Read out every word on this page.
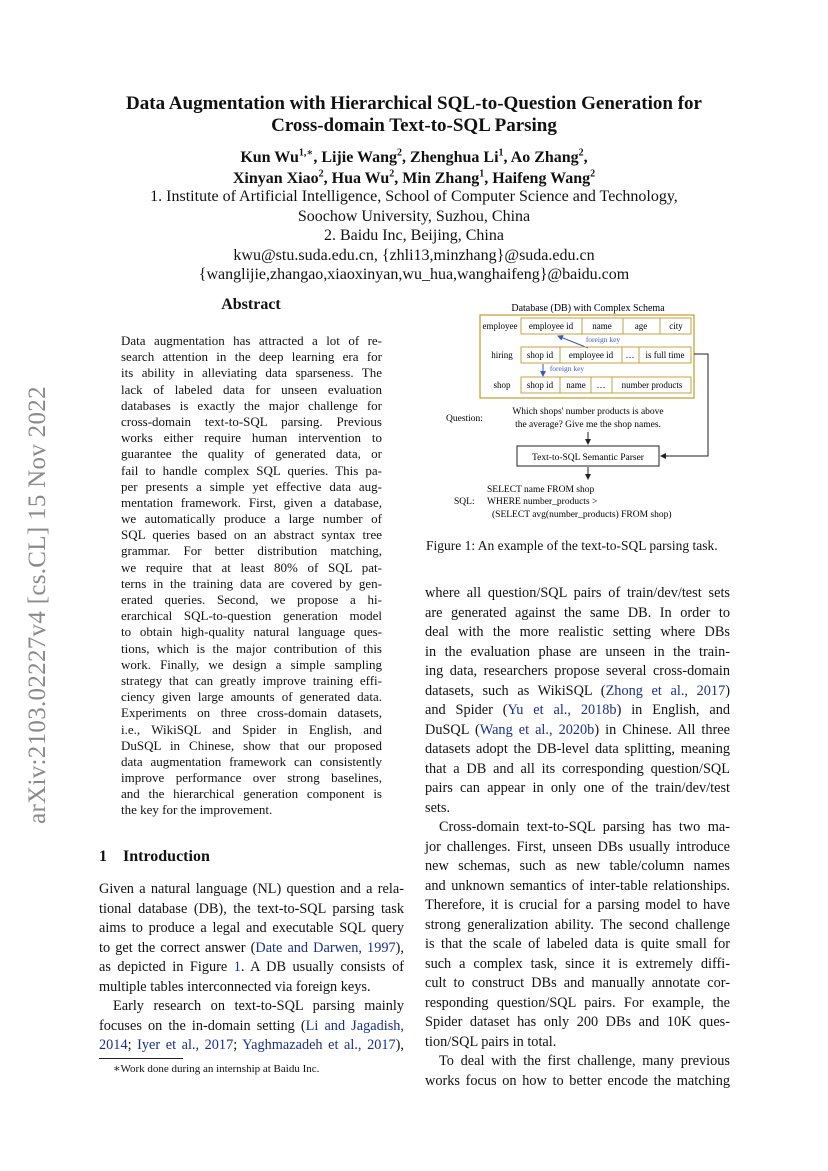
arXiv:2103.02227v4 [cs.CL] 15 Nov 2022
Data Augmentation with Hierarchical SQL-to-Question Generation for
Cross-domain Text-to-SQL Parsing
Kun $Wu^{1,∗}$, Lijie Wang$^2$, Zhenghua Li$^1$, Ao Zhang$^2$,
Xinyan Xiao$^2$, Hua Wu$^2$, Min Zhang$^1$, Haifeng Wang$^2$
1. Institute of Artificial Intelligence, School of Computer Science and Technology,
Soochow University, Suzhou, China
2. Baidu Inc, Beijing, China
kwu@stu.suda.edu.cn, {zhli13,minzhang}@suda.edu.cn
{wanglijie,zhangao,xiaoxinyan,wu_hua,wanghaifeng}@baidu.com
Abstract
Data augmentation has attracted a lot of re-
search attention in the deep learning era for
its ability in alleviating data sparseness. The
lack of labeled data for unseen evaluation
databases is exactly the major challenge for
cross-domain text-to-SQL parsing. Previous
works either require human intervention to
guarantee the quality of generated data, or
fail to handle complex SQL queries. This pa-
per presents a simple yet effective data aug-
mentation framework. First, given a database,
we automatically produce a large number of
SQL queries based on an abstract syntax tree
grammar. For better distribution matching,
we require that at least 80% of SQL pat-
terns in the training data are covered by gen-
erated queries. Second, we propose a hi-
erarchical SQL-to-question generation model
to obtain high-quality natural language ques-
tions, which is the major contribution of this
work. Finally, we design a simple sampling
strategy that can greatly improve training effi-
ciency given large amounts of generated data.
Experiments on three cross-domain datasets,
i.e., WikiSQL and Spider in English, and
DuSQL in Chinese, show that our proposed
data augmentation framework can consistently
improve performance over strong baselines,
and the hierarchical generation component is
the key for the improvement.
1 Introduction
Given a natural language (NL) question and a rela-
tional database (DB), the text-to-SQL parsing task
aims to produce a legal and executable SQL query
to get the correct answer (Date and Darwen, 1997),
as depicted in Figure 1. A DB usually consists of
multiple tables interconnected via foreign keys.
Early research on text-to-SQL parsing mainly
focuses on the in-domain setting (Li and Jagadish,
2014; Iyer et al., 2017; Yaghmazadeh et al., 2017),
∗Work done during an internship at Baidu Inc.
where all question/SQL pairs of train/dev/test sets
are generated against the same DB. In order to
deal with the more realistic setting where DBs
in the evaluation phase are unseen in the train-
ing data, researchers propose several cross-domain
datasets, such as WikiSQL (Zhong et al., 2017)
and Spider (Yu et al., 2018b) in English, and
DuSQL (Wang et al., 2020b) in Chinese. All three
datasets adopt the DB-level data splitting, meaning
that a DB and all its corresponding question/SQL
pairs can appear in only one of the train/dev/test
sets.
Cross-domain text-to-SQL parsing has two ma-
jor challenges. First, unseen DBs usually introduce
new schemas, such as new table/column names
and unknown semantics of inter-table relationships.
Therefore, it is crucial for a parsing model to have
strong generalization ability. The second challenge
is that the scale of labeled data is quite small for
such a complex task, since it is extremely diffi-
cult to construct DBs and manually annotate cor-
responding question/SQL pairs. For example, the
Spider dataset has only 200 DBs and 10K ques-
tion/SQL pairs in total.
To deal with the first challenge, many previous
works focus on how to better encode the matching
Database (DB) with Complex Schema
employee employee id name	age city
foreign key
hiring shop id employee id … is full time
foreign key
shop shop id name … number products
Question:
Which shops' number products is above
the average? Give me the shop names.
Text-to-SQL Semantic Parser
SELECT name FROM shop
SQL: WHERE number_products >
(SELECT avg(number_products) FROM shop)
Figure 1: An example of the text-to-SQL parsing task.
